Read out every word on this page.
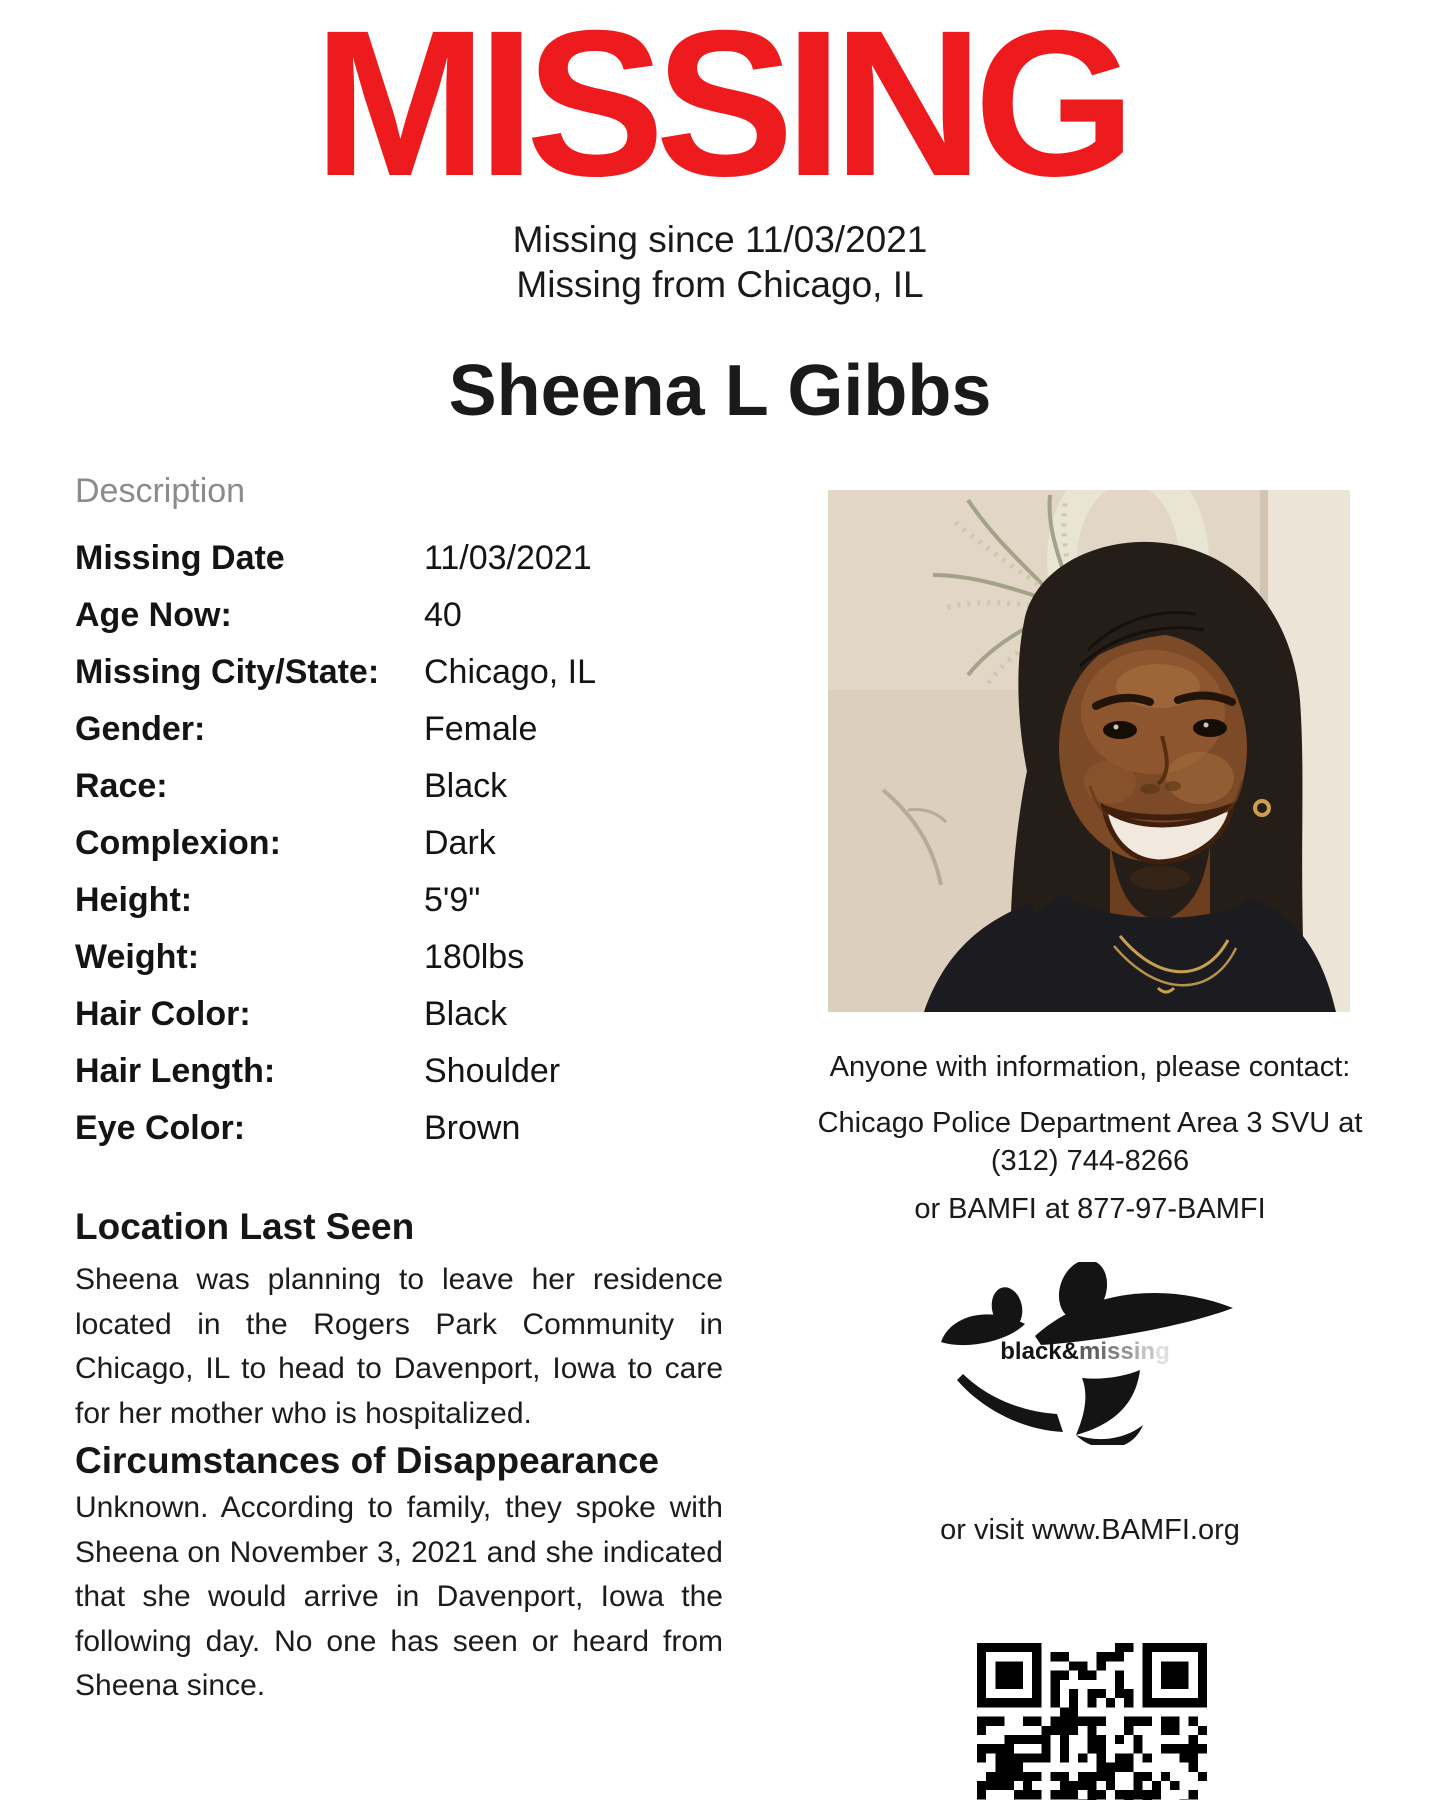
MISSING
Missing since 11/03/2021
Missing from Chicago, IL
Sheena L Gibbs
Description
Missing Date	11/03/2021
Age Now:	40
Missing City/State: Chicago, IL
Gender:	Female
Race:	Black
Complexion:	Dark
Height:	5'9"
Weight:	180lbs
Hair Color:	Black
Hair Length:	Shoulder
Eye Color:	Brown
Location Last Seen
Sheena was planning to leave her residence located in the Rogers Park Community in Chicago, IL to head to Davenport, Iowa to care for her mother who is hospitalized.
Circumstances of Disappearance
Unknown. According to family, they spoke with Sheena on November 3, 2021 and she indicated that she would arrive in Davenport, Iowa the following day. No one has seen or heard from Sheena since.
Anyone with information, please contact:
Chicago Police Department Area 3 SVU at
(312) 744-8266
or BAMFI at 877-97-BAMFI
black&missing
or visit www.BAMFI.org
